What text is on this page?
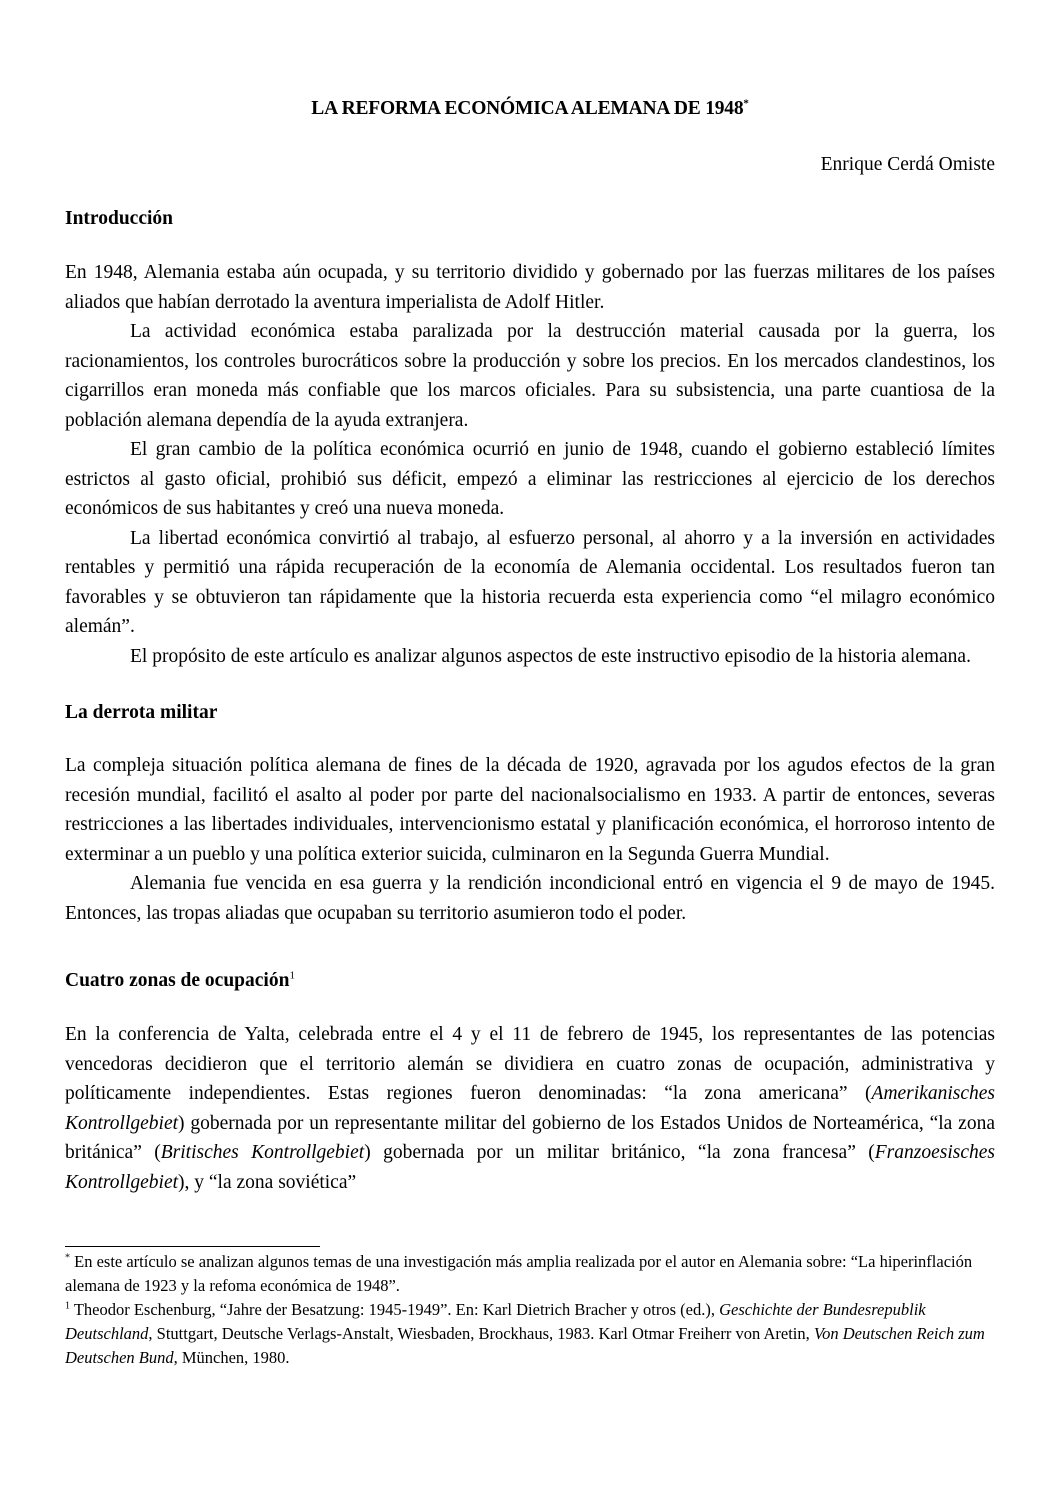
LA REFORMA ECONÓMICA ALEMANA DE 1948*
Enrique Cerdá Omiste
Introducción

En 1948, Alemania estaba aún ocupada, y su territorio dividido y gobernado por las fuerzas militares de los países aliados que habían derrotado la aventura imperialista de Adolf Hitler.

La actividad económica estaba paralizada por la destrucción material causada por la guerra, los racionamientos, los controles burocráticos sobre la producción y sobre los precios. En los mercados clandestinos, los cigarrillos eran moneda más confiable que los marcos oficiales. Para su subsistencia, una parte cuantiosa de la población alemana dependía de la ayuda extranjera.

El gran cambio de la política económica ocurrió en junio de 1948, cuando el gobierno estableció límites estrictos al gasto oficial, prohibió sus déficit, empezó a eliminar las restricciones al ejercicio de los derechos económicos de sus habitantes y creó una nueva moneda.

La libertad económica convirtió al trabajo, al esfuerzo personal, al ahorro y a la inversión en actividades rentables y permitió una rápida recuperación de la economía de Alemania occidental. Los resultados fueron tan favorables y se obtuvieron tan rápidamente que la historia recuerda esta experiencia como “el milagro económico alemán”.

El propósito de este artículo es analizar algunos aspectos de este instructivo episodio de la historia alemana.

La derrota militar

La compleja situación política alemana de fines de la década de 1920, agravada por los agudos efectos de la gran recesión mundial, facilitó el asalto al poder por parte del nacionalsocialismo en 1933. A partir de entonces, severas restricciones a las libertades individuales, intervencionismo estatal y planificación económica, el horroroso intento de exterminar a un pueblo y una política exterior suicida, culminaron en la Segunda Guerra Mundial.

Alemania fue vencida en esa guerra y la rendición incondicional entró en vigencia el 9 de mayo de 1945. Entonces, las tropas aliadas que ocupaban su territorio asumieron todo el poder.

Cuatro zonas de ocupación$^1$

En la conferencia de Yalta, celebrada entre el 4 y el 11 de febrero de 1945, los representantes de las potencias vencedoras decidieron que el territorio alemán se dividiera en cuatro zonas de ocupación, administrativa y políticamente independientes. Estas regiones fueron denominadas: “la zona americana” (Amerikanisches Kontrollgebiet) gobernada por un representante militar del gobierno de los Estados Unidos de Norteamérica, “la zona británica” (Britisches Kontrollgebiet) gobernada por un militar británico, “la zona francesa” (Franzoesisches Kontrollgebiet), y “la zona soviética”

* En este artículo se analizan algunos temas de una investigación más amplia realizada por el autor en Alemania sobre: “La hiperinflación alemana de 1923 y la refoma económica de 1948”.

$^1$ Theodor Eschenburg, “Jahre der Besatzung: 1945-1949”. En: Karl Dietrich Bracher y otros (ed.), Geschichte der Bundesrepublik Deutschland, Stuttgart, Deutsche Verlags-Anstalt, Wiesbaden, Brockhaus, 1983. Karl Otmar Freiherr von Aretin, Von Deutschen Reich zum Deutschen Bund, München, 1980.
